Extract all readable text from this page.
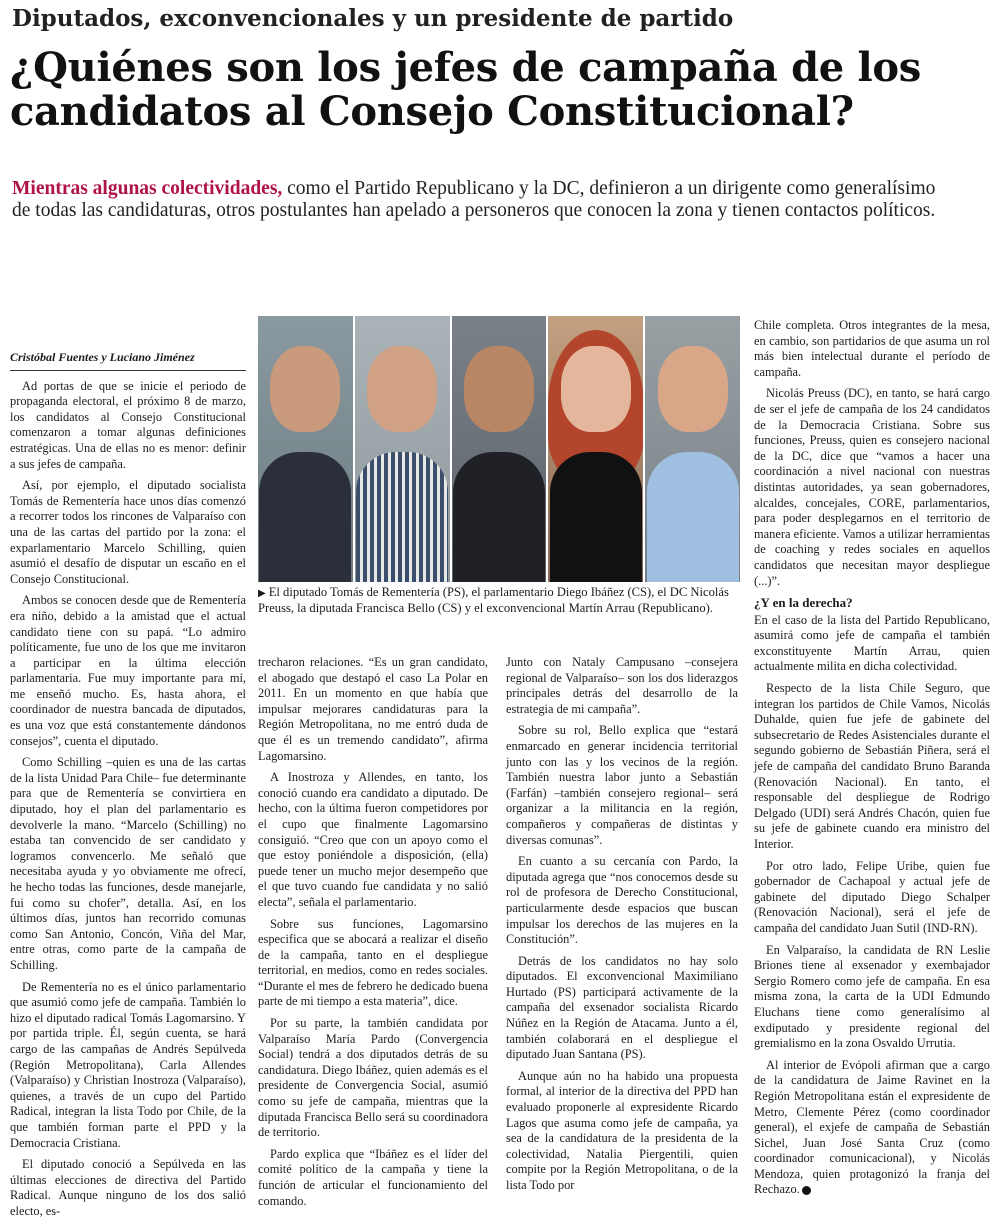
Diputados, exconvencionales y un presidente de partido
¿Quiénes son los jefes de campaña de los
candidatos al Consejo Constitucional?
Mientras algunas colectividades, como el Partido Republicano y la DC, definieron a un dirigente como generalísimo
de todas las candidaturas, otros postulantes han apelado a personeros que conocen la zona y tienen contactos políticos.
▶ El diputado Tomás de Rementería (PS), el parlamentario Diego Ibáñez (CS), el DC Nicolás Preuss, la diputada Francisca Bello (CS) y el exconvencional Martín Arrau (Republicano).

Cristóbal Fuentes y Luciano Jiménez

Ad portas de que se inicie el periodo de propaganda electoral, el próximo 8 de marzo, los candidatos al Consejo Constitucional comenzaron a tomar algunas definiciones estratégicas. Una de ellas no es menor: definir a sus jefes de campaña.

Así, por ejemplo, el diputado socialista Tomás de Rementería hace unos días comenzó a recorrer todos los rincones de Valparaíso con una de las cartas del partido por la zona: el exparlamentario Marcelo Schilling, quien asumió el desafío de disputar un escaño en el Consejo Constitucional.

Ambos se conocen desde que de Rementería era niño, debido a la amistad que el actual candidato tiene con su papá. “Lo admiro políticamente, fue uno de los que me invitaron a participar en la última elección parlamentaria. Fue muy importante para mí, me enseñó mucho. Es, hasta ahora, el coordinador de nuestra bancada de diputados, es una voz que está constantemente dándonos consejos”, cuenta el diputado.

Como Schilling –quien es una de las cartas de la lista Unidad Para Chile– fue determinante para que de Rementería se convirtiera en diputado, hoy el plan del parlamentario es devolverle la mano. “Marcelo (Schilling) no estaba tan convencido de ser candidato y logramos convencerlo. Me señaló que necesitaba ayuda y yo obviamente me ofrecí, he hecho todas las funciones, desde manejarle, fui como su chofer”, detalla. Así, en los últimos días, juntos han recorrido comunas como San Antonio, Concón, Viña del Mar, entre otras, como parte de la campaña de Schilling.

De Rementería no es el único parlamentario que asumió como jefe de campaña. También lo hizo el diputado radical Tomás Lagomarsino. Y por partida triple. Él, según cuenta, se hará cargo de las campañas de Andrés Sepúlveda (Región Metropolitana), Carla Allendes (Valparaíso) y Christian Inostroza (Valparaíso), quienes, a través de un cupo del Partido Radical, integran la lista Todo por Chile, de la que también forman parte el PPD y la Democracia Cristiana.

El diputado conoció a Sepúlveda en las últimas elecciones de directiva del Partido Radical. Aunque ninguno de los dos salió electo, es-

trecharon relaciones. “Es un gran candidato, el abogado que destapó el caso La Polar en 2011. En un momento en que había que impulsar mejorares candidaturas para la Región Metropolitana, no me entró duda de que él es un tremendo candidato”, afirma Lagomarsino.

A Inostroza y Allendes, en tanto, los conoció cuando era candidato a diputado. De hecho, con la última fueron competidores por el cupo que finalmente Lagomarsino consiguió. “Creo que con un apoyo como el que estoy poniéndole a disposición, (ella) puede tener un mucho mejor desempeño que el que tuvo cuando fue candidata y no salió electa”, señala el parlamentario.

Sobre sus funciones, Lagomarsino especifica que se abocará a realizar el diseño de la campaña, tanto en el despliegue territorial, en medios, como en redes sociales. “Durante el mes de febrero he dedicado buena parte de mi tiempo a esta materia”, dice.

Por su parte, la también candidata por Valparaíso María Pardo (Convergencia Social) tendrá a dos diputados detrás de su candidatura. Diego Ibáñez, quien además es el presidente de Convergencia Social, asumió como su jefe de campaña, mientras que la diputada Francisca Bello será su coordinadora de territorio.

Pardo explica que “Ibáñez es el líder del comité político de la campaña y tiene la función de articular el funcionamiento del comando.

Junto con Nataly Campusano –consejera regional de Valparaíso– son los dos liderazgos principales detrás del desarrollo de la estrategia de mi campaña”.

Sobre su rol, Bello explica que “estará enmarcado en generar incidencia territorial junto con las y los vecinos de la región. También nuestra labor junto a Sebastián (Farfán) –también consejero regional– será organizar a la militancia en la región, compañeros y compañeras de distintas y diversas comunas”.

En cuanto a su cercanía con Pardo, la diputada agrega que “nos conocemos desde su rol de profesora de Derecho Constitucional, particularmente desde espacios que buscan impulsar los derechos de las mujeres en la Constitución”.

Detrás de los candidatos no hay solo diputados. El exconvencional Maximiliano Hurtado (PS) participará activamente de la campaña del exsenador socialista Ricardo Núñez en la Región de Atacama. Junto a él, también colaborará en el despliegue el diputado Juan Santana (PS).

Aunque aún no ha habido una propuesta formal, al interior de la directiva del PPD han evaluado proponerle al expresidente Ricardo Lagos que asuma como jefe de campaña, ya sea de la candidatura de la presidenta de la colectividad, Natalia Piergentili, quien compite por la Región Metropolitana, o de la lista Todo por

Chile completa. Otros integrantes de la mesa, en cambio, son partidarios de que asuma un rol más bien intelectual durante el período de campaña.

Nicolás Preuss (DC), en tanto, se hará cargo de ser el jefe de campaña de los 24 candidatos de la Democracia Cristiana. Sobre sus funciones, Preuss, quien es consejero nacional de la DC, dice que “vamos a hacer una coordinación a nivel nacional con nuestras distintas autoridades, ya sean gobernadores, alcaldes, concejales, CORE, parlamentarios, para poder desplegarnos en el territorio de manera eficiente. Vamos a utilizar herramientas de coaching y redes sociales en aquellos candidatos que necesitan mayor despliegue (...)”.

¿Y en la derecha?

En el caso de la lista del Partido Republicano, asumirá como jefe de campaña el también exconstituyente Martín Arrau, quien actualmente milita en dicha colectividad.

Respecto de la lista Chile Seguro, que integran los partidos de Chile Vamos, Nicolás Duhalde, quien fue jefe de gabinete del subsecretario de Redes Asistenciales durante el segundo gobierno de Sebastián Piñera, será el jefe de campaña del candidato Bruno Baranda (Renovación Nacional). En tanto, el responsable del despliegue de Rodrigo Delgado (UDI) será Andrés Chacón, quien fue su jefe de gabinete cuando era ministro del Interior.

Por otro lado, Felipe Uribe, quien fue gobernador de Cachapoal y actual jefe de gabinete del diputado Diego Schalper (Renovación Nacional), será el jefe de campaña del candidato Juan Sutil (IND-RN).

En Valparaíso, la candidata de RN Leslie Briones tiene al exsenador y exembajador Sergio Romero como jefe de campaña. En esa misma zona, la carta de la UDI Edmundo Eluchans tiene como generalísimo al exdiputado y presidente regional del gremialismo en la zona Osvaldo Urrutia.

Al interior de Evópoli afirman que a cargo de la candidatura de Jaime Ravinet en la Región Metropolitana están el expresidente de Metro, Clemente Pérez (como coordinador general), el exjefe de campaña de Sebastián Sichel, Juan José Santa Cruz (como coordinador comunicacional), y Nicolás Mendoza, quien protagonizó la franja del Rechazo.
